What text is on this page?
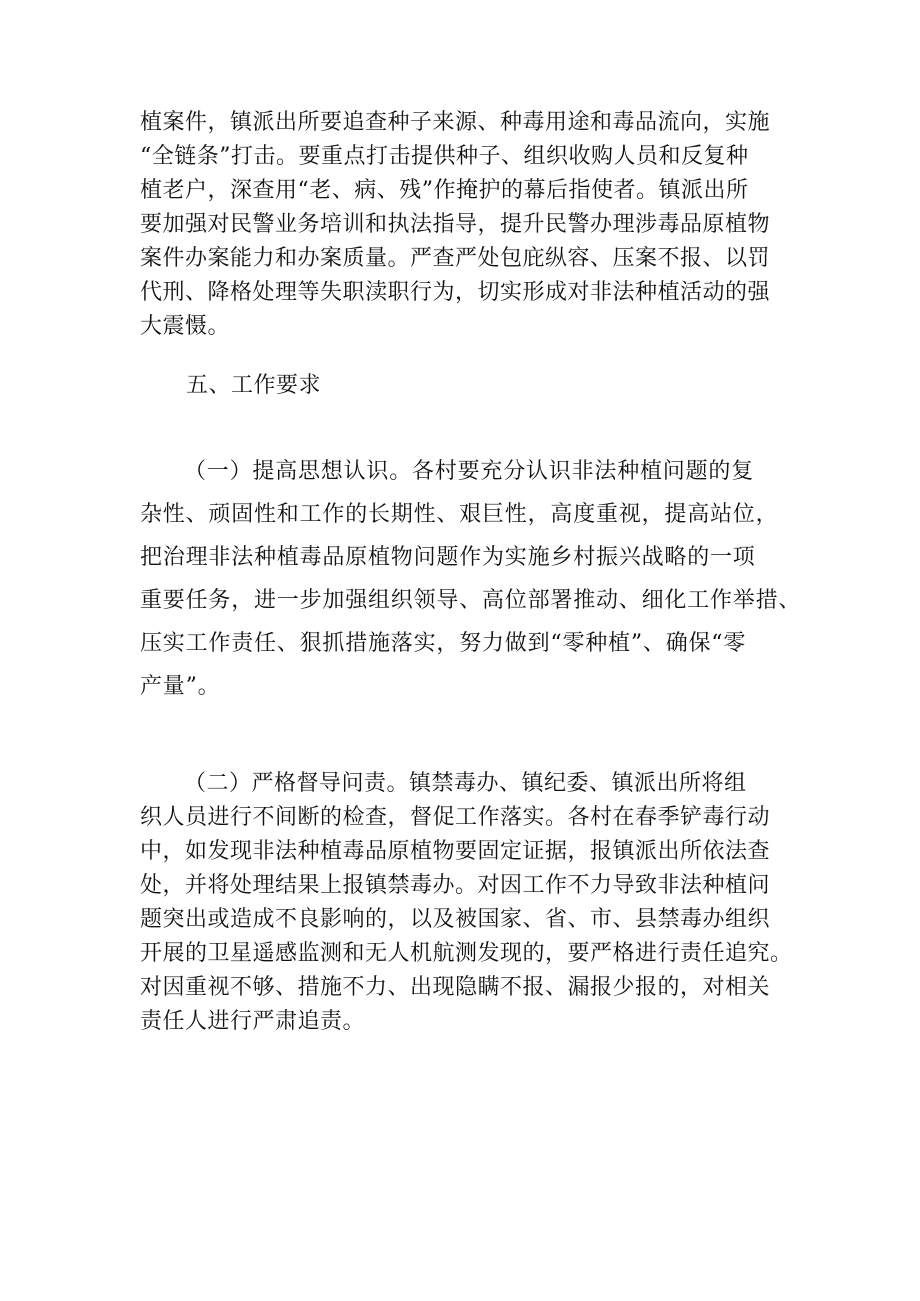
植案件，镇派出所要追查种子来源、种毒用途和毒品流向，实施
“全链条”打击。要重点打击提供种子、组织收购人员和反复种
植老户，深查用“老、病、残”作掩护的幕后指使者。镇派出所
要加强对民警业务培训和执法指导，提升民警办理涉毒品原植物
案件办案能力和办案质量。严查严处包庇纵容、压案不报、以罚
代刑、降格处理等失职渎职行为，切实形成对非法种植活动的强
大震慑。
五、工作要求
（一）提高思想认识。各村要充分认识非法种植问题的复
杂性、顽固性和工作的长期性、艰巨性，高度重视，提高站位，
把治理非法种植毒品原植物问题作为实施乡村振兴战略的一项
重要任务，进一步加强组织领导、高位部署推动、细化工作举措、
压实工作责任、狠抓措施落实，努力做到“零种植”、确保“零
产量”。
（二）严格督导问责。镇禁毒办、镇纪委、镇派出所将组
织人员进行不间断的检查，督促工作落实。各村在春季铲毒行动
中，如发现非法种植毒品原植物要固定证据，报镇派出所依法查
处，并将处理结果上报镇禁毒办。对因工作不力导致非法种植问
题突出或造成不良影响的，以及被国家、省、市、县禁毒办组织
开展的卫星遥感监测和无人机航测发现的，要严格进行责任追究。
对因重视不够、措施不力、出现隐瞒不报、漏报少报的，对相关
责任人进行严肃追责。
